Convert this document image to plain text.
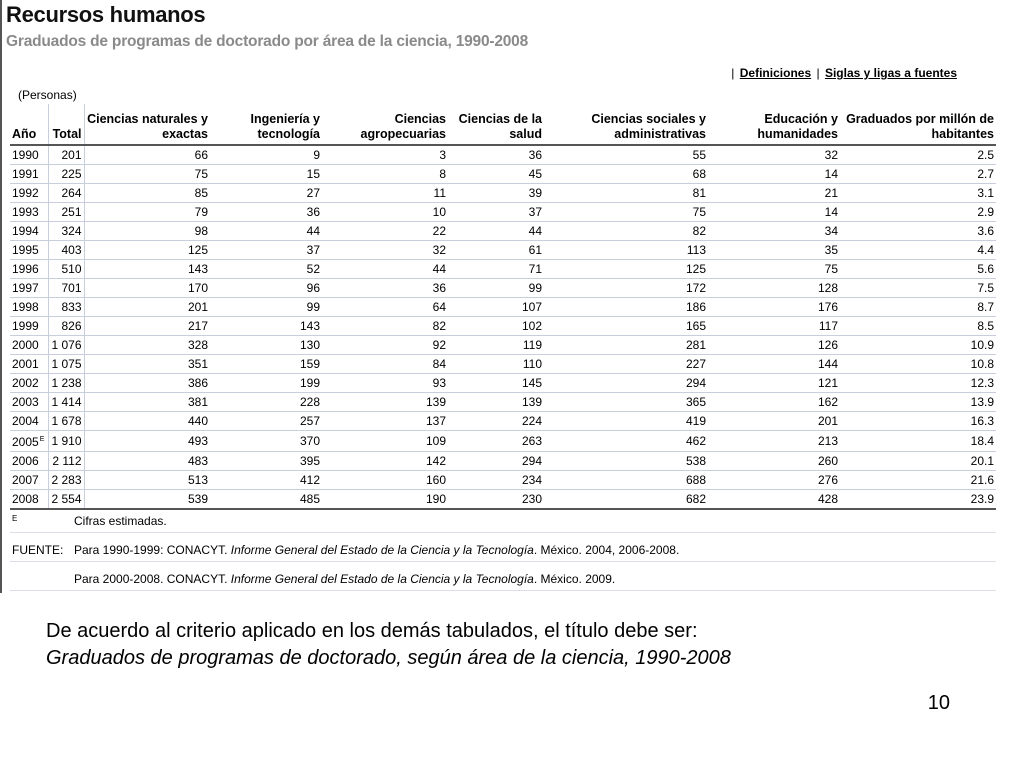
Recursos humanos
Graduados de programas de doctorado por área de la ciencia, 1990-2008
| Definiciones | Siglas y ligas a fuentes
(Personas)
Año	Total	Ciencias naturales y exactas	Ingeniería y tecnología	Ciencias agropecuarias	Ciencias de la salud	Ciencias sociales y administrativas	Educación y humanidades	Graduados por millón de habitantes
1990	201	66	9	3	36	55	32	2.5
1991	225	75	15	8	45	68	14	2.7
1992	264	85	27	11	39	81	21	3.1
1993	251	79	36	10	37	75	14	2.9
1994	324	98	44	22	44	82	34	3.6
1995	403	125	37	32	61	113	35	4.4
1996	510	143	52	44	71	125	75	5.6
1997	701	170	96	36	99	172	128	7.5
1998	833	201	99	64	107	186	176	8.7
1999	826	217	143	82	102	165	117	8.5
2000	1 076	328	130	92	119	281	126	10.9
2001	1 075	351	159	84	110	227	144	10.8
2002	1 238	386	199	93	145	294	121	12.3
2003	1 414	381	228	139	139	365	162	13.9
2004	1 678	440	257	137	224	419	201	16.3
$2005^E$	1 910	493	370	109	263	462	213	18.4
2006	2 112	483	395	142	294	538	260	20.1
2007	2 283	513	412	160	234	688	276	21.6
2008	2 554	539	485	190	230	682	428	23.9
E	Cifras estimadas.
FUENTE: Para 1990-1999: CONACYT. Informe General del Estado de la Ciencia y la Tecnología. México. 2004, 2006-2008.
Para 2000-2008. CONACYT. Informe General del Estado de la Ciencia y la Tecnología. México. 2009.
De acuerdo al criterio aplicado en los demás tabulados, el título debe ser:
Graduados de programas de doctorado, según área de la ciencia, 1990-2008
10
